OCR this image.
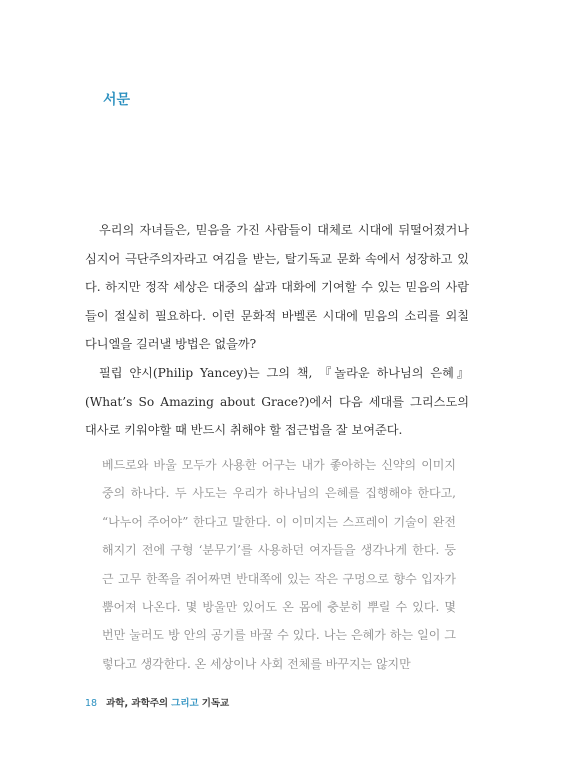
서문

우리의 자녀들은, 믿음을 가진 사람들이 대체로 시대에 뒤떨어졌거나 심지어 극단주의자라고 여김을 받는, 탈기독교 문화 속에서 성장하고 있다. 하지만 정작 세상은 대중의 삶과 대화에 기여할 수 있는 믿음의 사람들이 절실히 필요하다. 이런 문화적 바벨론 시대에 믿음의 소리를 외칠 다니엘을 길러낼 방법은 없을까?

필립 얀시(Philip Yancey)는 그의 책, 『놀라운 하나님의 은혜』(What’s So Amazing about Grace?)에서 다음 세대를 그리스도의 대사로 키워야할 때 반드시 취해야 할 접근법을 잘 보여준다.

베드로와 바울 모두가 사용한 어구는 내가 좋아하는 신약의 이미지 중의 하나다. 두 사도는 우리가 하나님의 은혜를 집행해야 한다고, “나누어 주어야” 한다고 말한다. 이 이미지는 스프레이 기술이 완전 해지기 전에 구형 ‘분무기’를 사용하던 여자들을 생각나게 한다. 둥근 고무 한쪽을 쥐어짜면 반대쪽에 있는 작은 구멍으로 향수 입자가 뿜어져 나온다. 몇 방울만 있어도 온 몸에 충분히 뿌릴 수 있다. 몇 번만 눌러도 방 안의 공기를 바꿀 수 있다. 나는 은혜가 하는 일이 그렇다고 생각한다. 온 세상이나 사회 전체를 바꾸지는 않지만

18 과학, 과학주의 그리고 기독교
